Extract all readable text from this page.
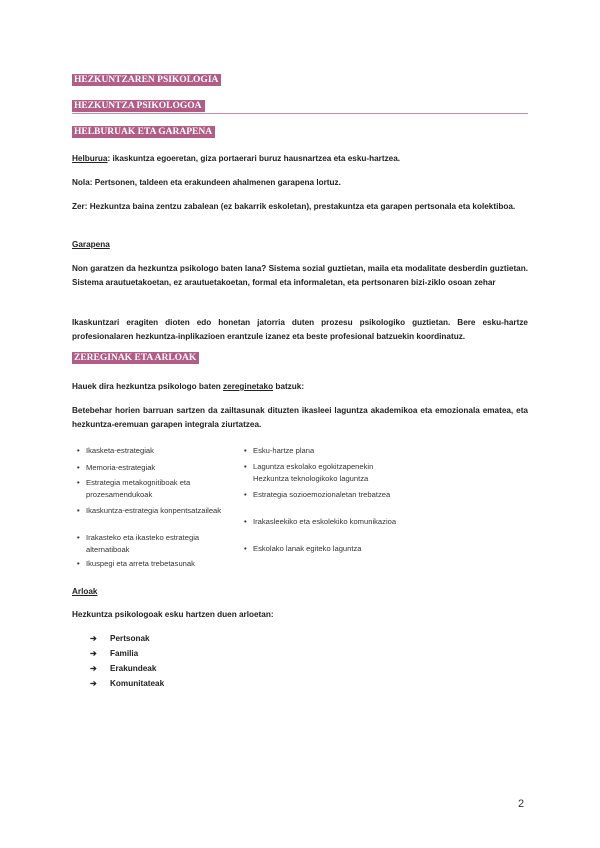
HEZKUNTZAREN PSIKOLOGIA
HEZKUNTZA PSIKOLOGOA
HELBURUAK ETA GARAPENA
Helburua: ikaskuntza egoeretan, giza portaerari buruz hausnartzea eta esku-hartzea.
Nola: Pertsonen, taldeen eta erakundeen ahalmenen garapena lortuz.
Zer: Hezkuntza baina zentzu zabalean (ez bakarrik eskoletan), prestakuntza eta garapen pertsonala eta kolektiboa.
Garapena
Non garatzen da hezkuntza psikologo baten lana? Sistema sozial guztietan, maila eta modalitate desberdin guztietan. Sistema arautuetakoetan, ez arautuetakoetan, formal eta informaletan, eta pertsonaren bizi-ziklo osoan zehar
Ikaskuntzari eragiten dioten edo honetan jatorria duten prozesu psikologiko guztietan. Bere esku-hartze profesionalaren hezkuntza-inplikazioen erantzule izanez eta beste profesional batzuekin koordinatuz.
ZEREGINAK ETA ARLOAK
Hauek dira hezkuntza psikologo baten zereginetako batzuk:
Betebehar horien barruan sartzen da zailtasunak dituzten ikasleei laguntza akademikoa eta emozionala ematea, eta hezkuntza-eremuan garapen integrala ziurtatzea.
• Ikasketa-estrategiak
• Memoria-estrategiak
• Estrategia metakognitiboak eta prozesamendukoak
• Ikaskuntza-estrategia konpentsatzaileak
• Irakasteko eta ikasteko estrategia alternatiboak
• Ikuspegi eta arreta trebetasunak
• Esku-hartze plana
• Laguntza eskolako egokitzapenekin Hezkuntza teknologikoko laguntza
• Estrategia sozioemozionaletan trebatzea
• Irakasleekiko eta eskolekiko komunikazioa
• Eskolako lanak egiteko laguntza
Arloak
Hezkuntza psikologoak esku hartzen duen arloetan:
➔ Pertsonak
➔ Familia
➔ Erakundeak
➔ Komunitateak
2
